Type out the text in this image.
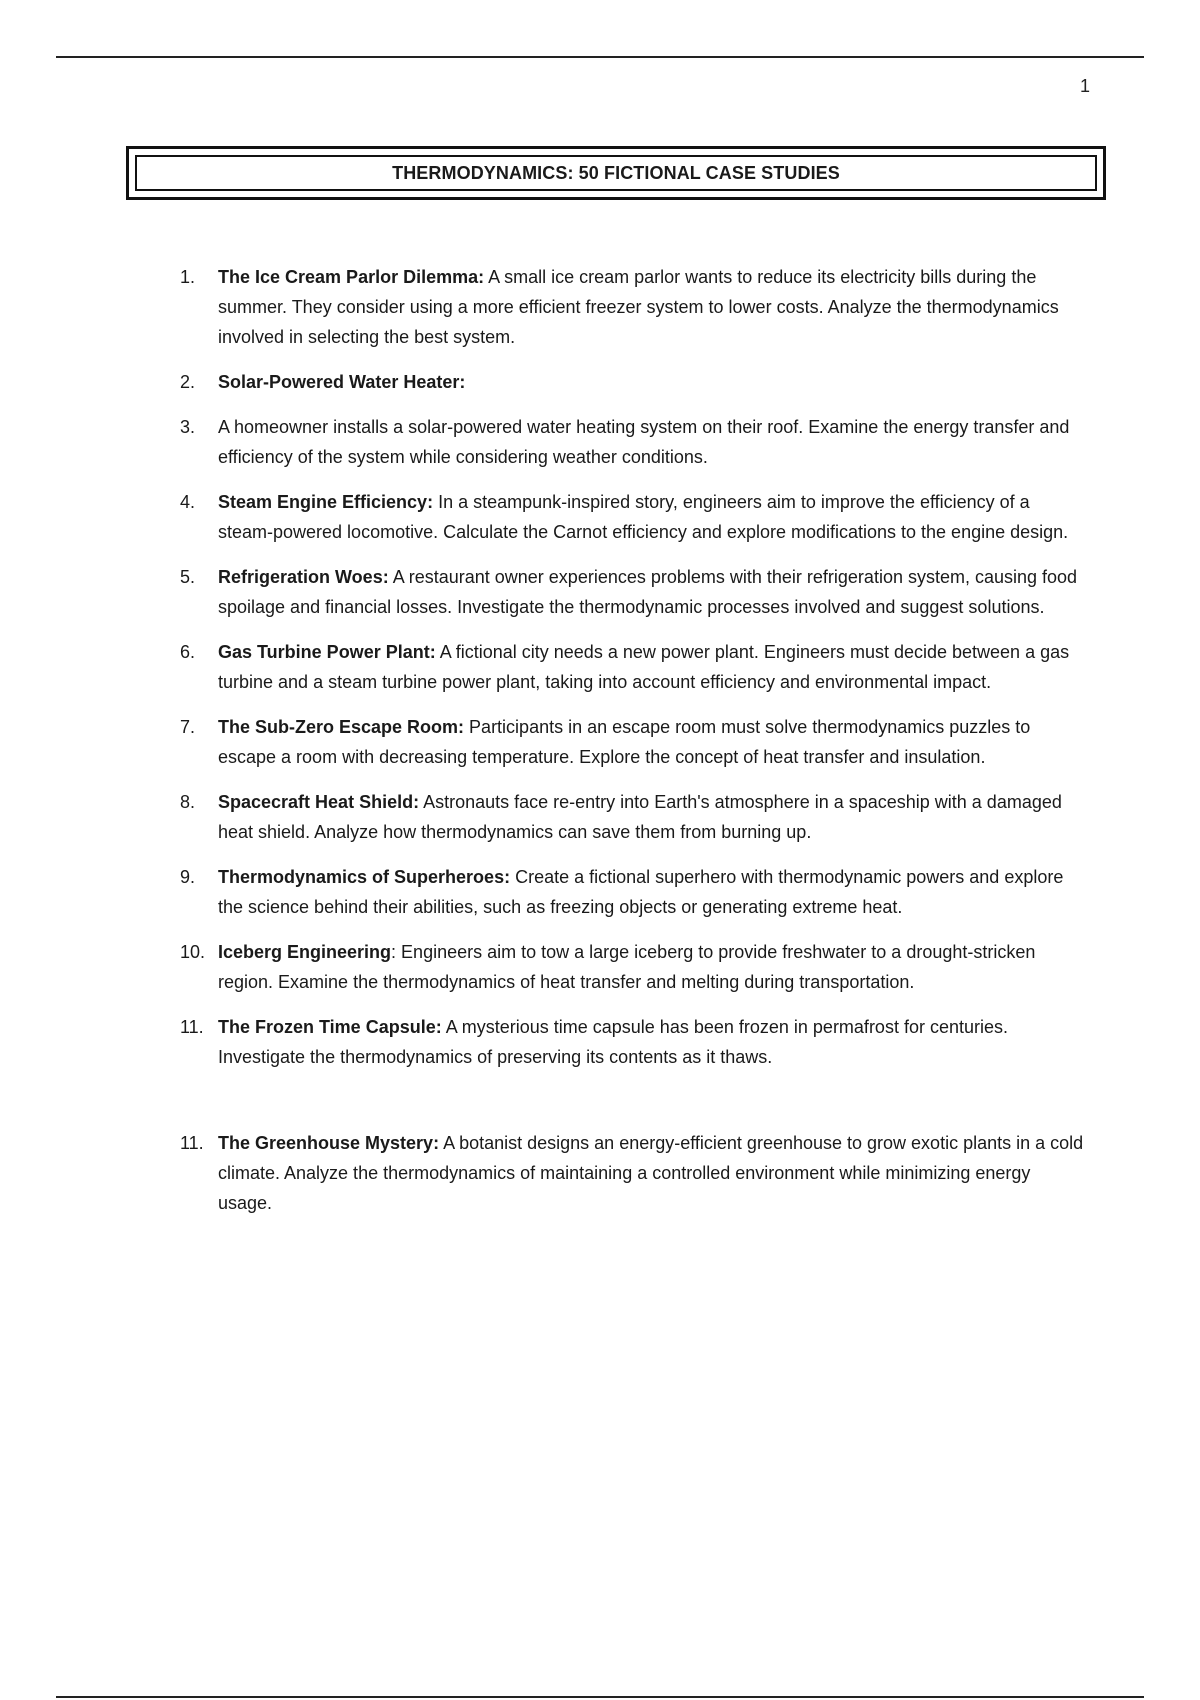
1
THERMODYNAMICS: 50 FICTIONAL CASE STUDIES
1.	The Ice Cream Parlor Dilemma: A small ice cream parlor wants to reduce its electricity bills during the summer. They consider using a more efficient freezer system to lower costs. Analyze the thermodynamics involved in selecting the best system.
2.	Solar-Powered Water Heater:
3.	A homeowner installs a solar-powered water heating system on their roof. Examine the energy transfer and efficiency of the system while considering weather conditions.
4.	Steam Engine Efficiency: In a steampunk-inspired story, engineers aim to improve the efficiency of a steam-powered locomotive. Calculate the Carnot efficiency and explore modifications to the engine design.
5.	Refrigeration Woes: A restaurant owner experiences problems with their refrigeration system, causing food spoilage and financial losses. Investigate the thermodynamic processes involved and suggest solutions.
6.	Gas Turbine Power Plant: A fictional city needs a new power plant. Engineers must decide between a gas turbine and a steam turbine power plant, taking into account efficiency and environmental impact.
7.	The Sub-Zero Escape Room: Participants in an escape room must solve thermodynamics puzzles to escape a room with decreasing temperature. Explore the concept of heat transfer and insulation.
8.	Spacecraft Heat Shield: Astronauts face re-entry into Earth's atmosphere in a spaceship with a damaged heat shield. Analyze how thermodynamics can save them from burning up.
9.	Thermodynamics of Superheroes: Create a fictional superhero with thermodynamic powers and explore the science behind their abilities, such as freezing objects or generating extreme heat.
10. Iceberg Engineering: Engineers aim to tow a large iceberg to provide freshwater to a drought-stricken region. Examine the thermodynamics of heat transfer and melting during transportation.
11. The Frozen Time Capsule: A mysterious time capsule has been frozen in permafrost for centuries. Investigate the thermodynamics of preserving its contents as it thaws.
11. The Greenhouse Mystery: A botanist designs an energy-efficient greenhouse to grow exotic plants in a cold climate. Analyze the thermodynamics of maintaining a controlled environment while minimizing energy usage.
